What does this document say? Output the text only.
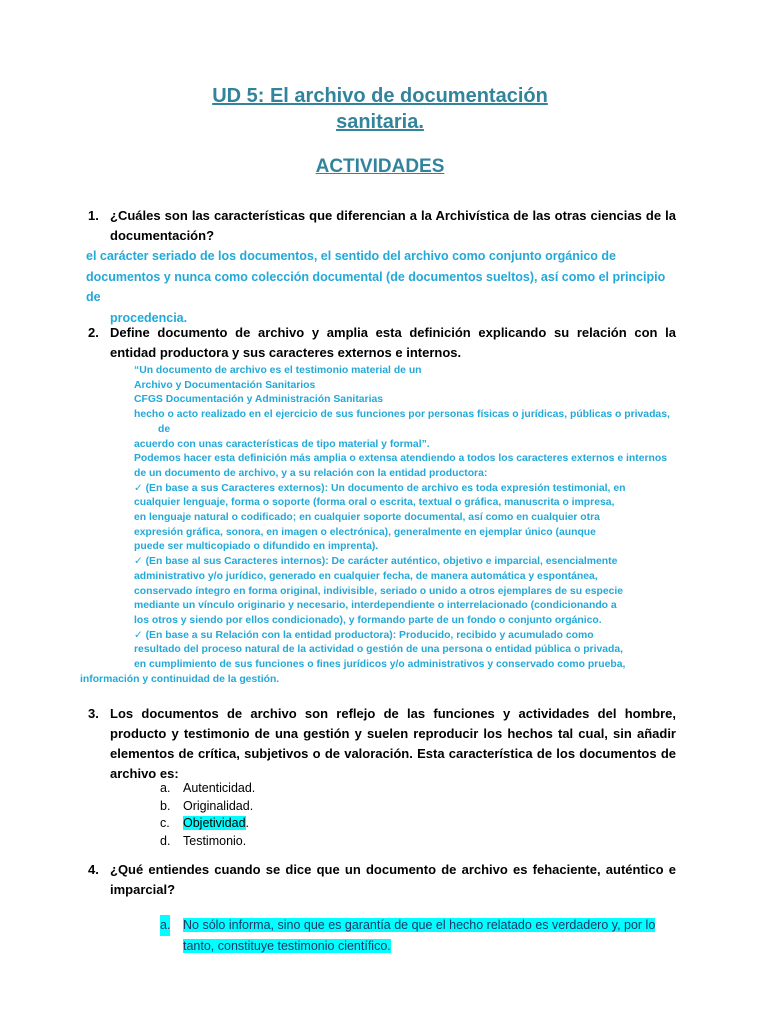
UD 5: El archivo de documentación
sanitaria.
ACTIVIDADES

1. ¿Cuáles son las características que diferencian a la Archivística de las otras ciencias de la documentación?

el carácter seriado de los documentos, el sentido del archivo como conjunto orgánico de documentos y nunca como colección documental (de documentos sueltos), así como el principio de
procedencia.

2. Define documento de archivo y amplia esta definición explicando su relación con la entidad productora y sus caracteres externos e internos.

“Un documento de archivo es el testimonio material de un
Archivo y Documentación Sanitarios
CFGS Documentación y Administración Sanitarias
hecho o acto realizado en el ejercicio de sus funciones por personas físicas o jurídicas, públicas o privadas,
de
acuerdo con unas características de tipo material y formal”.
Podemos hacer esta definición más amplia o extensa atendiendo a todos los caracteres externos e internos
de un documento de archivo, y a su relación con la entidad productora:
✓ (En base a sus Caracteres externos): Un documento de archivo es toda expresión testimonial, en
cualquier lenguaje, forma o soporte (forma oral o escrita, textual o gráfica, manuscrita o impresa,
en lenguaje natural o codificado; en cualquier soporte documental, así como en cualquier otra
expresión gráfica, sonora, en imagen o electrónica), generalmente en ejemplar único (aunque
puede ser multicopiado o difundido en imprenta).
✓ (En base al sus Caracteres internos): De carácter auténtico, objetivo e imparcial, esencialmente
administrativo y/o jurídico, generado en cualquier fecha, de manera automática y espontánea,
conservado íntegro en forma original, indivisible, seriado o unido a otros ejemplares de su especie
mediante un vínculo originario y necesario, interdependiente o interrelacionado (condicionando a
los otros y siendo por ellos condicionado), y formando parte de un fondo o conjunto orgánico.
✓ (En base a su Relación con la entidad productora): Producido, recibido y acumulado como
resultado del proceso natural de la actividad o gestión de una persona o entidad pública o privada,
en cumplimiento de sus funciones o fines jurídicos y/o administrativos y conservado como prueba,
información y continuidad de la gestión.

3. Los documentos de archivo son reflejo de las funciones y actividades del hombre, producto y testimonio de una gestión y suelen reproducir los hechos tal cual, sin añadir elementos de crítica, subjetivos o de valoración. Esta característica de los documentos de archivo es:

a. Autenticidad.
b. Originalidad.
c. Objetividad.
d. Testimonio.

4. ¿Qué entiendes cuando se dice que un documento de archivo es fehaciente, auténtico e imparcial?

a.	No sólo informa, sino que es garantía de que el hecho relatado es verdadero y, por lo tanto, constituye testimonio científico.
